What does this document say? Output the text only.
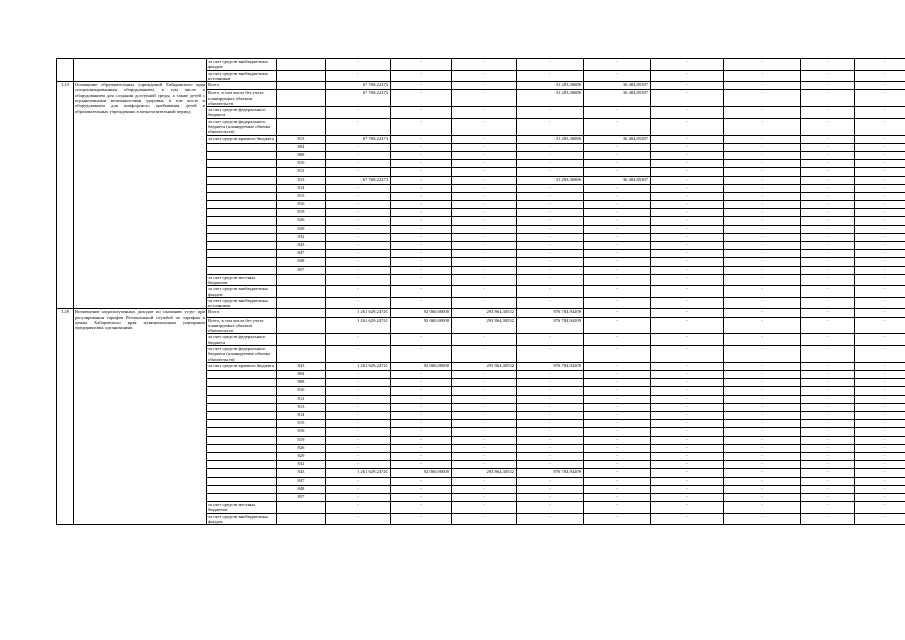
		за счет средств внебюджетных фондов		-	-	-	-	-	-	-	-	-
		за счет средств внебюджетных источников		-	-	-	-	-	-	-	-	-
1.23	Оснащение образовательных учреждений Хабаровского края специализированным оборудованием, в том числе и оборудованием для создания доступной среды, а также детей с ограниченными возможностями здоровья, в том числе и оборудованием для комфортного пребывания детей в образовательных учреждениях в межотопительный период	Всего		67 768,22273	-	-	31 283,36886	36 484,85387	-	-	-	-
		Всего, в том числе без учета планируемых объемов обязательств		67 768,22273	-	-	31 283,36886	36 484,85387	-	-	-	-
		за счет средств федерального бюджета		-	-	-	-	-	-	-	-	-
		за счет средств федерального бюджета (планируемые объемы обязательств)		-	-	-	-	-	-	-	-	-
		за счет средств краевого бюджета	813	67 768,22273	-	-	31 283,36886	36 484,85387	-	-	-	-
			804	-	-	-	-	-	-	-	-	-
			808	-	-	-	-	-	-	-	-	-
			810	-	-	-	-	-	-	-	-	-
			812	-	-	-	-	-	-	-	-	-
			813	67 768,22273	-	-	31 283,36886	36 484,85387	-	-	-	-
			814	-	-	-	-	-	-	-	-	-
			815	-	-	-	-	-	-	-	-	-
			816	-	-	-	-	-	-	-	-	-
			819	-	-	-	-	-	-	-	-	-
			826	-	-	-	-	-	-	-	-	-
			829	-	-	-	-	-	-	-	-	-
			832	-	-	-	-	-	-	-	-	-
			843	-	-	-	-	-	-	-	-	-
			847	-	-	-	-	-	-	-	-	-
			848	-	-	-	-	-	-	-	-	-
			857	-	-	-	-	-	-	-	-	-
		за счет средств местных бюджетов		-	-	-	-	-	-	-	-	-
		за счет средств внебюджетных фондов		-	-	-	-	-	-	-	-	-
		за счет средств внебюджетных источников		-	-	-	-	-	-	-	-	-
1.29	Возмещение недополученных доходов по оказанию услуг при регулировании тарифов Региональной службой по тарифам и ценам Хабаровского края муниципальным унитарным предприятиям, организациям	Всего		1 261 629,24741	92 060,00000	293 864,30532	876 784,94209	-	-	-	-	-
		Всего, в том числе без учета планируемых объемов обязательств		1 261 629,24741	92 060,00000	293 864,30532	876 784,94209	-	-	-	-	-
		за счет средств федерального бюджета		-	-	-	-	-	-	-	-	-
		за счет средств федерального бюджета (планируемые объемы обязательств)		-	-	-	-	-	-	-	-	-
		за счет средств краевого бюджета	843	1 261 629,24741	92 060,00000	293 864,30532	876 784,94209	-	-	-	-	-
			804	-	-	-	-	-	-	-	-	-
			808	-	-	-	-	-	-	-	-	-
			810	-	-	-	-	-	-	-	-	-
			812	-	-	-	-	-	-	-	-	-
			813	-	-	-	-	-	-	-	-	-
			814	-	-	-	-	-	-	-	-	-
			815	-	-	-	-	-	-	-	-	-
			816	-	-	-	-	-	-	-	-	-
			819	-	-	-	-	-	-	-	-	-
			826	-	-	-	-	-	-	-	-	-
			829	-	-	-	-	-	-	-	-	-
			832	-	-	-	-	-	-	-	-	-
			843	1 261 629,24741	92 060,00000	293 864,30532	876 784,94209	-	-	-	-	-
			847	-	-	-	-	-	-	-	-	-
			848	-	-	-	-	-	-	-	-	-
			857	-	-	-	-	-	-	-	-	-
		за счет средств местных бюджетов		-	-	-	-	-	-	-	-	-
		за счет средств внебюджетных фондов		-	-	-	-	-	-	-	-	-
